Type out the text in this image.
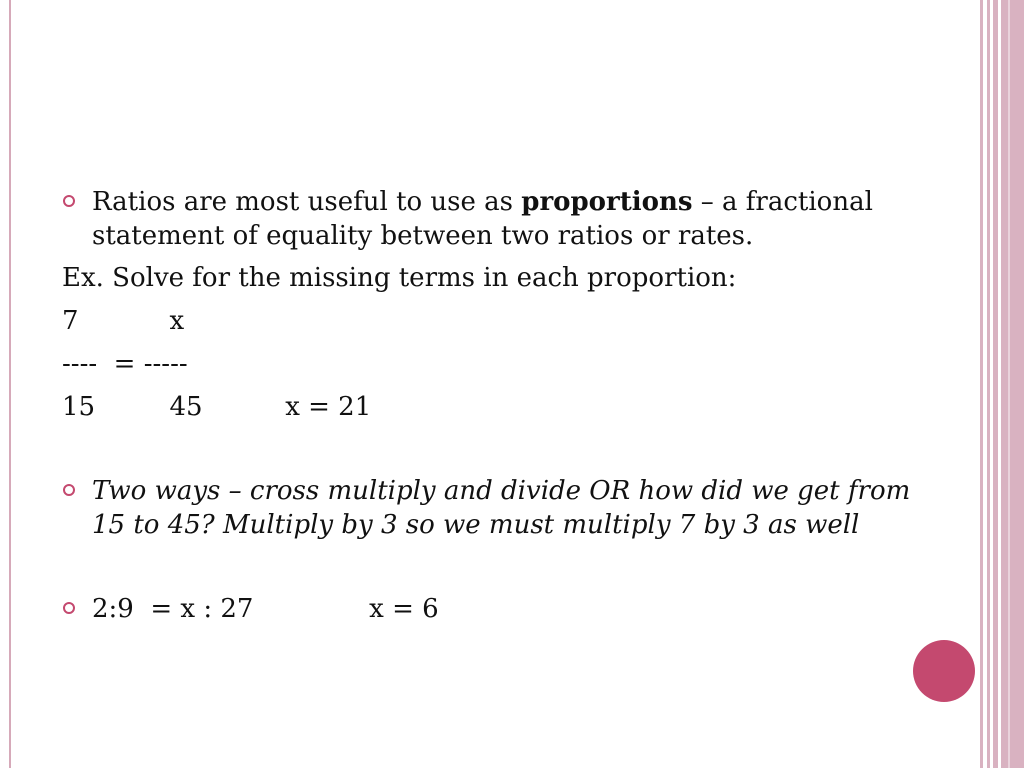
Ratios are most useful to use as proportions – a fractional statement of equality between two ratios or rates.
Ex. Solve for the missing terms in each proportion:
7           x
----  = -----
15         45          x = 21
Two ways – cross multiply and divide OR how did we get from 15 to 45? Multiply by 3 so we must multiply 7 by 3 as well
2:9  = x : 27              x = 6
